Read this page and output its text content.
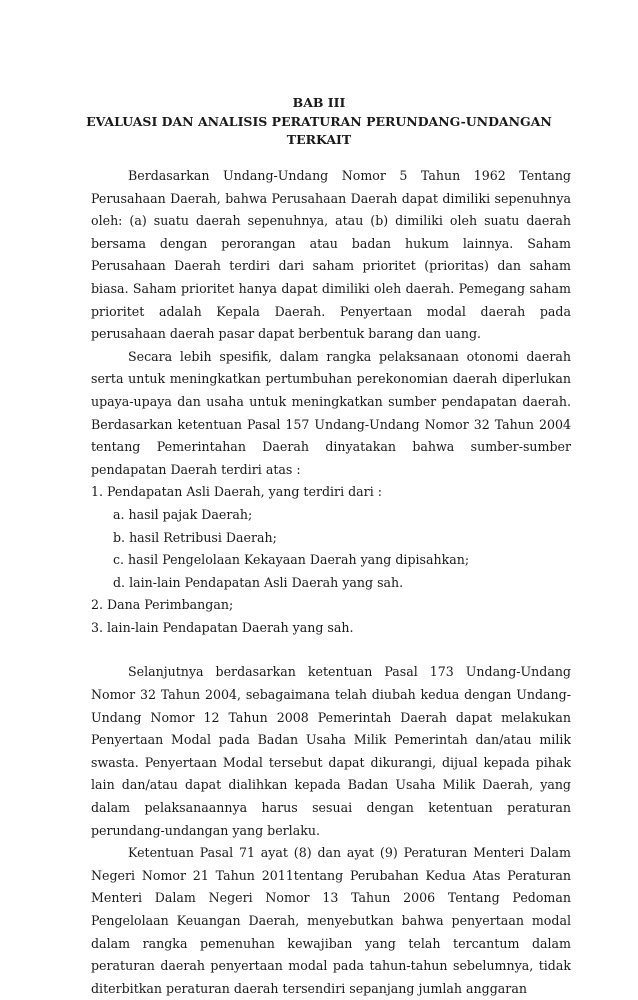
BAB III

EVALUASI DAN ANALISIS PERATURAN PERUNDANG-UNDANGAN

TERKAIT

Berdasarkan Undang-Undang Nomor 5 Tahun 1962 Tentang Perusahaan Daerah, bahwa Perusahaan Daerah dapat dimiliki sepenuhnya oleh: (a) suatu daerah sepenuhnya, atau (b) dimiliki oleh suatu daerah bersama dengan perorangan atau badan hukum lainnya. Saham Perusahaan Daerah terdiri dari saham prioritet (prioritas) dan saham biasa. Saham prioritet hanya dapat dimiliki oleh daerah. Pemegang saham prioritet adalah Kepala Daerah. Penyertaan modal daerah pada perusahaan daerah pasar dapat berbentuk barang dan uang.

Secara lebih spesifik, dalam rangka pelaksanaan otonomi daerah serta untuk meningkatkan pertumbuhan perekonomian daerah diperlukan upaya-upaya dan usaha untuk meningkatkan sumber pendapatan daerah. Berdasarkan ketentuan Pasal 157 Undang-Undang Nomor 32 Tahun 2004 tentang Pemerintahan Daerah dinyatakan bahwa sumber-sumber pendapatan Daerah terdiri atas :

1. Pendapatan Asli Daerah, yang terdiri dari :
a. hasil pajak Daerah;
b. hasil Retribusi Daerah;
c. hasil Pengelolaan Kekayaan Daerah yang dipisahkan;
d. lain-lain Pendapatan Asli Daerah yang sah.
2. Dana Perimbangan;
3. lain-lain Pendapatan Daerah yang sah.

Selanjutnya berdasarkan ketentuan Pasal 173 Undang-Undang Nomor 32 Tahun 2004, sebagaimana telah diubah kedua dengan Undang-Undang Nomor 12 Tahun 2008 Pemerintah Daerah dapat melakukan Penyertaan Modal pada Badan Usaha Milik Pemerintah dan/atau milik swasta. Penyertaan Modal tersebut dapat dikurangi, dijual kepada pihak lain dan/atau dapat dialihkan kepada Badan Usaha Milik Daerah, yang dalam pelaksanaannya harus sesuai dengan ketentuan peraturan perundang-undangan yang berlaku.

Ketentuan Pasal 71 ayat (8) dan ayat (9) Peraturan Menteri Dalam Negeri Nomor 21 Tahun 2011tentang Perubahan Kedua Atas Peraturan Menteri Dalam Negeri Nomor 13 Tahun 2006 Tentang Pedoman Pengelolaan Keuangan Daerah, menyebutkan bahwa penyertaan modal dalam rangka pemenuhan kewajiban yang telah tercantum dalam peraturan daerah penyertaan modal pada tahun-tahun sebelumnya, tidak diterbitkan peraturan daerah tersendiri sepanjang jumlah anggaran
